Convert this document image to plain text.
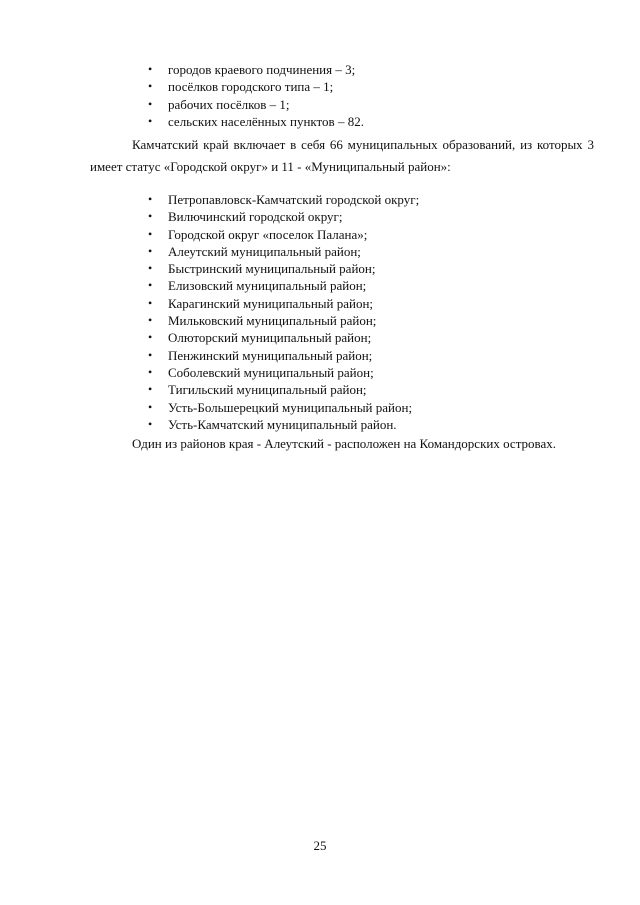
• городов краевого подчинения – 3;
• посёлков городского типа – 1;
• рабочих посёлков – 1;
• сельских населённых пунктов – 82.

Камчатский край включает в себя 66 муниципальных образований, из которых 3 имеет статус «Городской округ» и 11 - «Муниципальный район»:

• Петропавловск-Камчатский городской округ;
• Вилючинский городской округ;
• Городской округ «поселок Палана»;
• Алеутский муниципальный район;
• Быстринский муниципальный район;
• Елизовский муниципальный район;
• Карагинский муниципальный район;
• Мильковский муниципальный район;
• Олюторский муниципальный район;
• Пенжинский муниципальный район;
• Соболевский муниципальный район;
• Тигильский муниципальный район;
• Усть-Большерецкий муниципальный район;
• Усть-Камчатский муниципальный район.

Один из районов края - Алеутский - расположен на Командорских островах.

25
